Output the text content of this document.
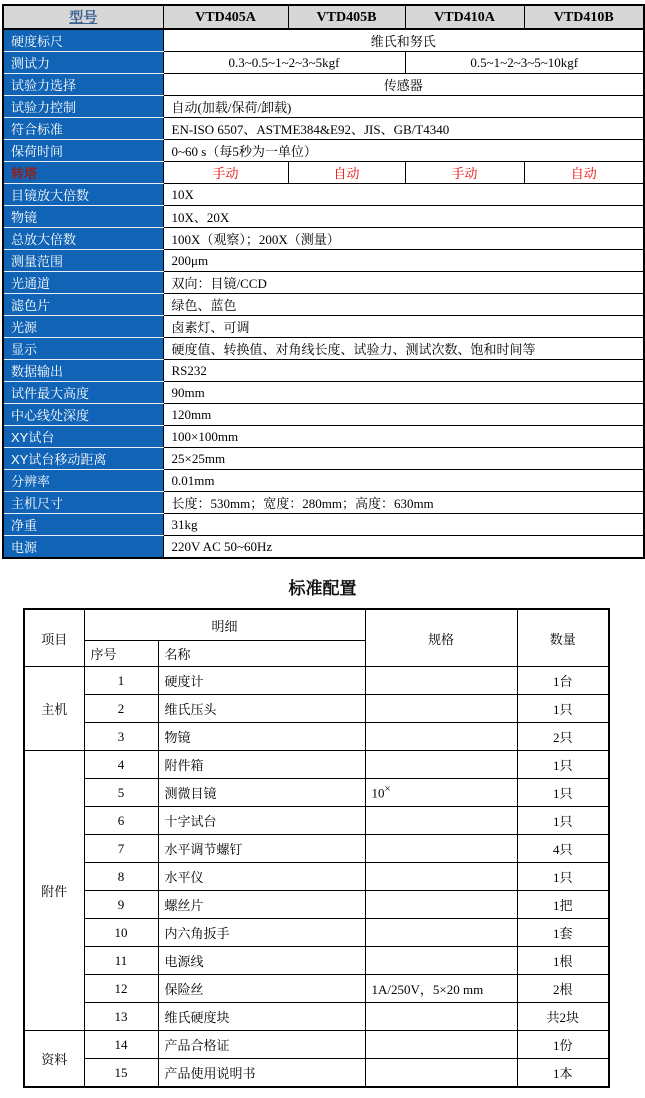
型号	VTD405A	VTD405B	VTD410A	VTD410B
硬度标尺	维氏和努氏			
测试力	0.3~0.5~1~2~3~5kgf		0.5~1~2~3~5~10kgf	
试验力选择	传感器			
试验力控制	自动(加载/保荷/卸载)			
符合标准	EN-ISO 6507、ASTME384&E92、JIS、GB/T4340			
保荷时间	0~60 s（每5秒为一单位）			
转塔	手动	自动	手动	自动
目镜放大倍数	10X			
物镜	10X、20X			
总放大倍数	100X（观察）；200X（测量）			
测量范围	200μm			
光通道	双向：目镜/CCD			
滤色片	绿色、蓝色			
光源	卤素灯、可调			
显示	硬度值、转换值、对角线长度、试验力、测试次数、饱和时间等			
数据输出	RS232			
试件最大高度	90mm			
中心线处深度	120mm			
XY试台	100×100mm			
XY试台移动距离	25×25mm			
分辨率	0.01mm			
主机尺寸	长度：530mm；宽度：280mm；高度：630mm			
净重	31kg			
电源	220V AC 50~60Hz			
标准配置
项目	明细		规格	数量
	序号	名称		
主机	1	硬度计		1台
	2	维氏压头		1只
	3	物镜		2只
附件	4	附件箱		1只
	5	测微目镜	10×	1只
	6	十字试台		1只
	7	水平调节螺钉		4只
	8	水平仪		1只
	9	螺丝片		1把
	10	内六角扳手		1套
	11	电源线		1根
	12	保险丝	1A/250V，5×20 mm	2根
	13	维氏硬度块		共2块
资料	14	产品合格证		1份
	15	产品使用说明书		1本
